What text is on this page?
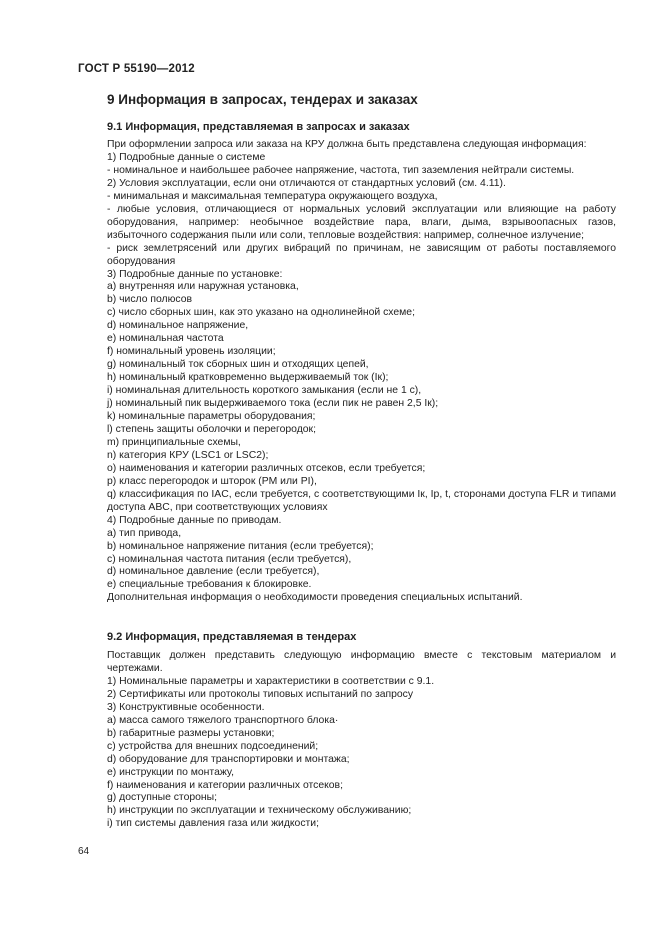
ГОСТ Р 55190—2012
9 Информация в запросах, тендерах и заказах
9.1 Информация, представляемая в запросах и заказах

При оформлении запроса или заказа на КРУ должна быть представлена следующая информация:

1) Подробные данные о системе

- номинальное и наибольшее рабочее напряжение, частота, тип заземления нейтрали системы.

2) Условия эксплуатации, если они отличаются от стандартных условий (см. 4.11).

- минимальная и максимальная температура окружающего воздуха,

- любые условия, отличающиеся от нормальных условий эксплуатации или влияющие на работу оборудования, например: необычное воздействие пара, влаги, дыма, взрывоопасных газов, избыточного содержания пыли или соли, тепловые воздействия: например, солнечное излучение;

- риск землетрясений или других вибраций по причинам, не зависящим от работы поставляемого оборудования

3) Подробные данные по установке:

a) внутренняя или наружная установка,

b) число полюсов

c) число сборных шин, как это указано на однолинейной схеме;

d) номинальное напряжение,

e) номинальная частота

f) номинальный уровень изоляции;

g) номинальный ток сборных шин и отходящих цепей,

h) номинальный кратковременно выдерживаемый ток (Iк);

i) номинальная длительность короткого замыкания (если не 1 с),

j) номинальный пик выдерживаемого тока (если пик не равен 2,5 Iк);

k) номинальные параметры оборудования;

l) степень защиты оболочки и перегородок;

m) принципиальные схемы,

n) категория КРУ (LSC1 or LSC2);

o) наименования и категории различных отсеков, если требуется;

p) класс перегородок и шторок (PM или PI),

q) классификация по IAC, если требуется, с соответствующими Iк, Iр, t, сторонами доступа FLR и типами доступа ABC, при соответствующих условиях

4) Подробные данные по приводам.

a) тип привода,

b) номинальное напряжение питания (если требуется);

c) номинальная частота питания (если требуется),

d) номинальное давление (если требуется),

e) специальные требования к блокировке.

Дополнительная информация о необходимости проведения специальных испытаний.

9.2 Информация, представляемая в тендерах

Поставщик должен представить следующую информацию вместе с текстовым материалом и чертежами.

1) Номинальные параметры и характеристики в соответствии с 9.1.

2) Сертификаты или протоколы типовых испытаний по запросу

3) Конструктивные особенности.

a) масса самого тяжелого транспортного блока·

b) габаритные размеры установки;

c) устройства для внешних подсоединений;

d) оборудование для транспортировки и монтажа;

e) инструкции по монтажу,

f) наименования и категории различных отсеков;

g) доступные стороны;

h) инструкции по эксплуатации и техническому обслуживанию;

i) тип системы давления газа или жидкости;

64
